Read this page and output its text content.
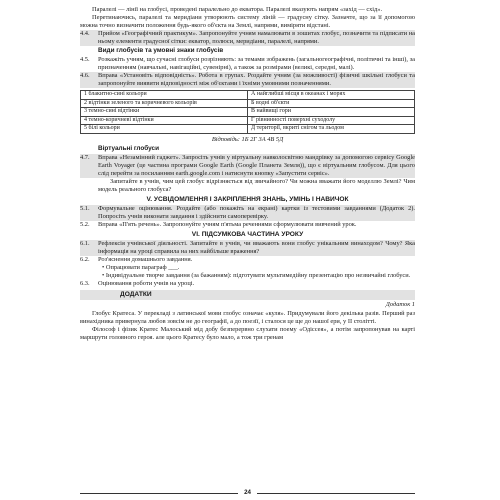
Паралелі — лінії на глобусі, проведені паралельно до екватора. Паралелі вказують напрям «захід — схід».

Перетинаючись, паралелі та меридіани утворюють систему ліній — градусну сітку. Зазначте, що за її допомогою можна точно визначити положення будь-якого об'єкта на Землі, напрями, виміряти відстані.

4.4.	Прийом «Географічний практикум». Запропонуйте учням намалювати в зошитах глобус, позначити та підписати на ньому елементи градусної сітки: екватор, полюси, меридіани, паралелі, напрями.
Види глобусів та умовні знаки глобусів
4.5.	Розкажіть учням, що сучасні глобуси розрізняють: за темами зображень (загальногеографічні, політичні та інші), за призначенням (навчальні, навігаційні, сувенірні), а також за розмірами (великі, середні, малі).
4.6.	Вправа «Установіть відповідність». Робота в групах. Роздайте учням (за можливості) фізичні шкільні глобуси та запропонуйте виявити відповідності між об'єктами і їхніми умовними позначеннями.
1 блакитно-сині кольори	А найглибші місця в океанах і морях
2 відтінки зеленого та коричневого кольорів	Б водні об'єкти
3 темно-сині відтінки	В найвищі гори
4 темно-коричневі відтінки	Г рівнинності поверхні суходолу
5 білі кольори	Д території, вкриті снігом та льодом

Відповідь: 1Б 2Г 3А 4В 5Д

Віртуальні глобуси
4.7.	Вправа «Незамінний гаджет». Запросіть учнів у віртуальну навколосвітню мандрівку за допомогою сервісу Google Earth Voyager (це частина програми Google Earth (Google Планета Земля)), що є віртуальним глобусом. Для цього слід перейти за посиланням earth.google.com і натиснути кнопку «Запустити сервіс».

Запитайте в учнів, чим цей глобус відрізняється від звичайного? Чи можна вважати його моделлю Землі? Чим модель реального глобуса?

V. УСВІДОМЛЕННЯ І ЗАКРІПЛЕННЯ ЗНАНЬ, УМІНЬ І НАВИЧОК
5.1.	Формувальне оцінювання. Роздайте (або покажіть на екрані) картки із тестовими завданнями (Додаток 2). Попросіть учнів виконати завдання і здійснити самоперевірку.
5.2.	Вправа «П'ять речень». Запропонуйте учням п'ятьма реченнями сформулювати вивчений урок.
VI. ПІДСУМКОВА ЧАСТИНА УРОКУ
6.1.	Рефлексія учнівської діяльності. Запитайте в учнів, чи вважають вони глобус унікальним винаходом? Чому? Яка інформація на уроці справила на них найбільше враження?
6.2.	Роз'яснення домашнього завдання.

• Опрацювати параграф ___.

• Індивідуальне творче завдання (за бажанням): підготувати мультимедійну презентацію про незвичайні глобуси.

6.3.	Оцінювання роботи учнів на уроці.
ДОДАТКИ

Додаток 1

Глобус Кратеса. У перекладі з латинської мови глобус означає «куля». Придумували його декілька разів. Перший раз винахідника привернула любов зовсім не до географії, а до поезії, і сталося це ще до нашої ери, у II столітті.

Філософ і фізик Кратес Малоський мід добу безперервно слухати поему «Одіссея», а потім запропонував на карті маршрути головного героя. але цього Кратесу було мало, а тож три гренам

24
